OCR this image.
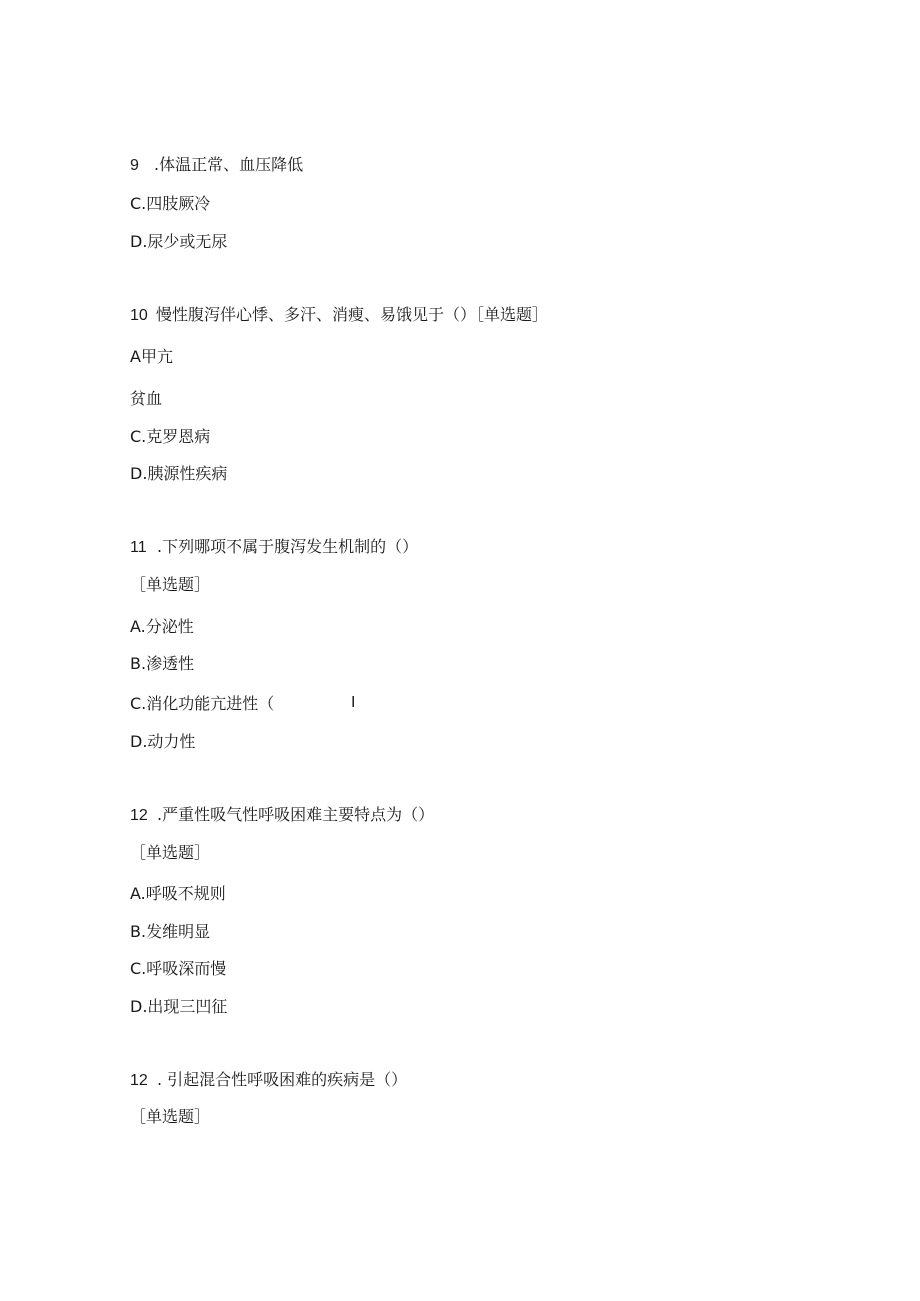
9 .体温正常、血压降低
C.四肢厥冷
D.尿少或无尿
10 慢性腹泻伴心悸、多汗、消瘦、易饿见于（）［单选题］
A甲亢
贫血
C.克罗恩病
D.胰源性疾病
11 .下列哪项不属于腹泻发生机制的（）
［单选题］
A.分泌性
B.渗透性
C.消化功能亢进性（	I
D.动力性
12 .严重性吸气性呼吸困难主要特点为（）
［单选题］
A.呼吸不规则
B.发维明显
C.呼吸深而慢
D.出现三凹征
12 . 引起混合性呼吸困难的疾病是（）
［单选题］
